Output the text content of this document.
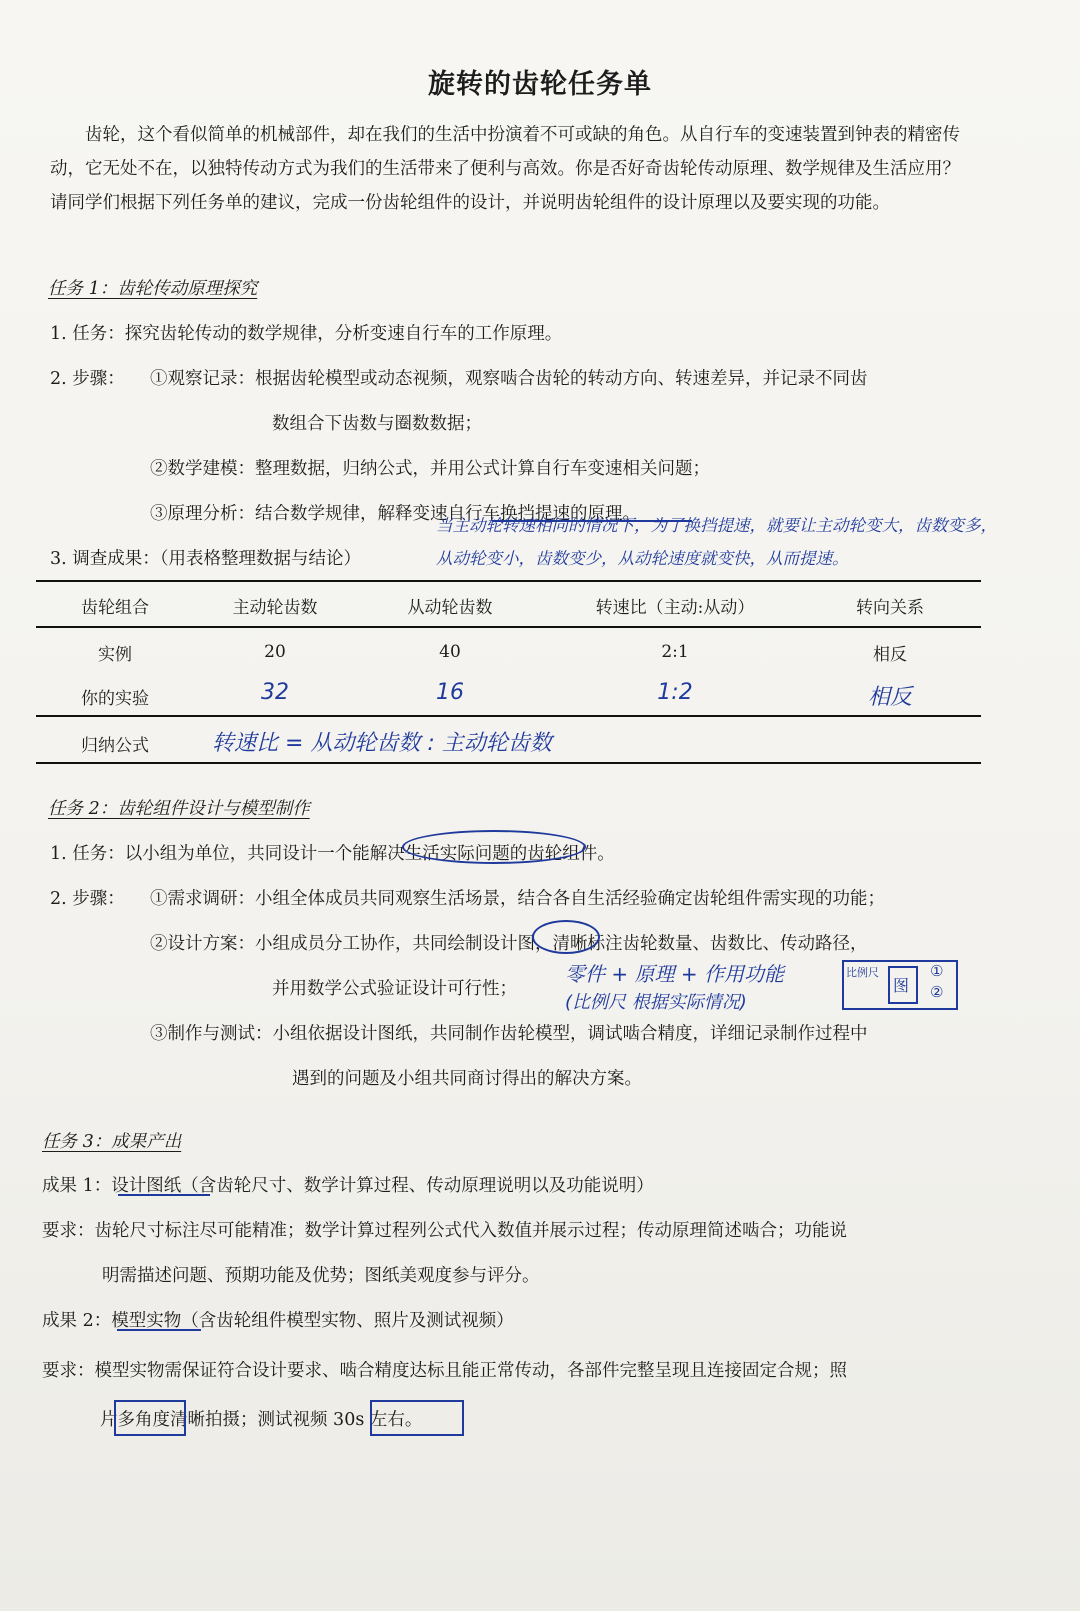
旋转的齿轮任务单
齿轮，这个看似简单的机械部件，却在我们的生活中扮演着不可或缺的角色。从自行车的变速装置到钟表的精密传动，它无处不在，以独特传动方式为我们的生活带来了便利与高效。你是否好奇齿轮传动原理、数学规律及生活应用？请同学们根据下列任务单的建议，完成一份齿轮组件的设计，并说明齿轮组件的设计原理以及要实现的功能。
任务 1：齿轮传动原理探究
1. 任务：探究齿轮传动的数学规律，分析变速自行车的工作原理。
2. 步骤： ①观察记录：根据齿轮模型或动态视频，观察啮合齿轮的转动方向、转速差异，并记录不同齿
数组合下齿数与圈数数据；
②数学建模：整理数据，归纳公式，并用公式计算自行车变速相关问题；
③原理分析：结合数学规律，解释变速自行车换挡提速的原理。
3. 调查成果：（用表格整理数据与结论）
当主动轮转速相同的情况下，为了换挡提速，就要让主动轮变大，齿数变多，
从动轮变小，齿数变少，从动轮速度就变快，从而提速。
齿轮组合	主动轮齿数	从动轮齿数	转速比（主动:从动）	转向关系
实例	20	40	2:1	相反
你的实验	32	16	1:2	相反
归纳公式	转速比 = 从动轮齿数 : 主动轮齿数
任务 2：齿轮组件设计与模型制作
1. 任务：以小组为单位，共同设计一个能解决生活实际问题的齿轮组件。
2. 步骤： ①需求调研：小组全体成员共同观察生活场景，结合各自生活经验确定齿轮组件需实现的功能；
②设计方案：小组成员分工协作，共同绘制设计图，清晰标注齿轮数量、齿数比、传动路径，
并用数学公式验证设计可行性；
零件 + 原理 + 作用功能
(比例尺 根据实际情况)
比例尺
图
①
②
③制作与测试：小组依据设计图纸，共同制作齿轮模型，调试啮合精度，详细记录制作过程中
遇到的问题及小组共同商讨得出的解决方案。
任务 3：成果产出
成果 1：设计图纸（含齿轮尺寸、数学计算过程、传动原理说明以及功能说明）
要求：齿轮尺寸标注尽可能精准；数学计算过程列公式代入数值并展示过程；传动原理简述啮合；功能说
明需描述问题、预期功能及优势；图纸美观度参与评分。
成果 2：模型实物（含齿轮组件模型实物、照片及测试视频）
要求：模型实物需保证符合设计要求、啮合精度达标且能正常传动，各部件完整呈现且连接固定合规；照
片多角度清晰拍摄；测试视频 30s 左右。
